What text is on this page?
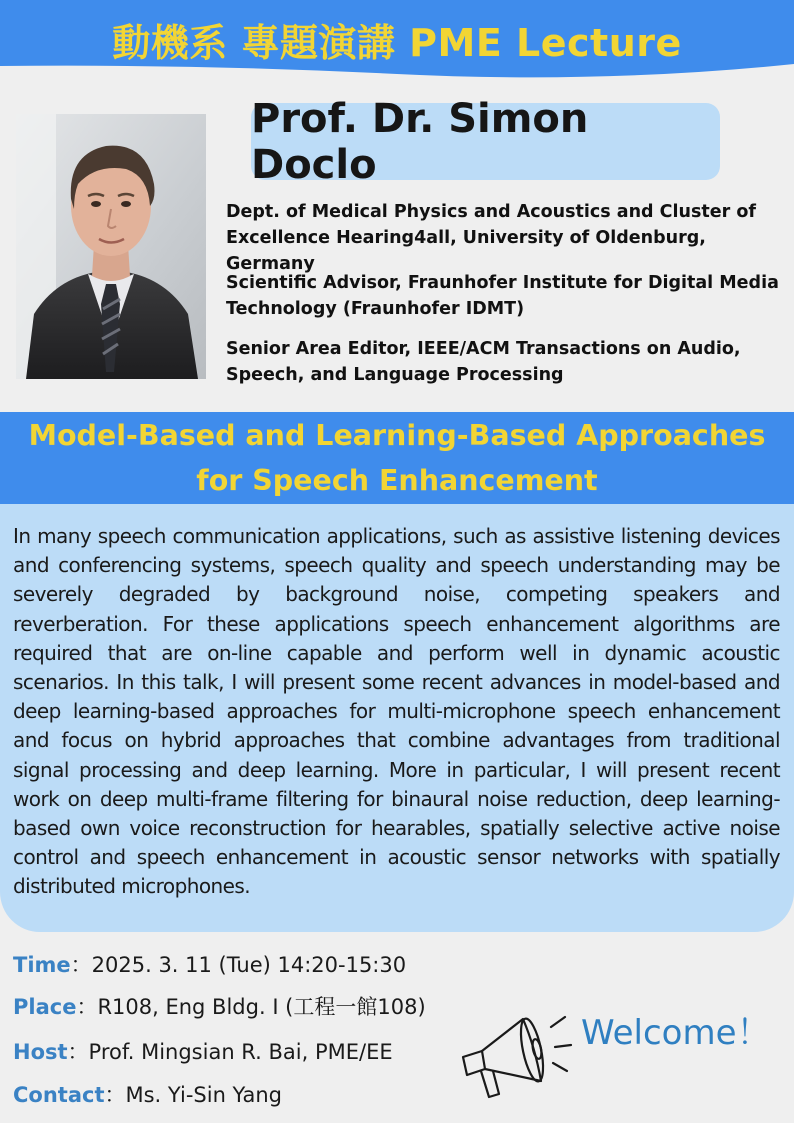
動機系 專題演講 PME Lecture
Prof. Dr. Simon Doclo
Dept. of Medical Physics and Acoustics and Cluster of Excellence Hearing4all, University of Oldenburg, Germany
Scientific Advisor, Fraunhofer Institute for Digital Media Technology (Fraunhofer IDMT)
Senior Area Editor, IEEE/ACM Transactions on Audio, Speech, and Language Processing
Model-Based and Learning-Based Approaches for Speech Enhancement
In many speech communication applications, such as assistive listening devices and conferencing systems, speech quality and speech understanding may be severely degraded by background noise, competing speakers and reverberation. For these applications speech enhancement algorithms are required that are on-line capable and perform well in dynamic acoustic scenarios. In this talk, I will present some recent advances in model-based and deep learning-based approaches for multi-microphone speech enhancement and focus on hybrid approaches that combine advantages from traditional signal processing and deep learning. More in particular, I will present recent work on deep multi-frame filtering for binaural noise reduction, deep learning-based own voice reconstruction for hearables, spatially selective active noise control and speech enhancement in acoustic sensor networks with spatially distributed microphones.
Time：2025. 3. 11 (Tue) 14:20-15:30
Place：R108, Eng Bldg. I (工程一館108)
Host：Prof. Mingsian R. Bai, PME/EE
Contact：Ms. Yi-Sin Yang
Welcome！
